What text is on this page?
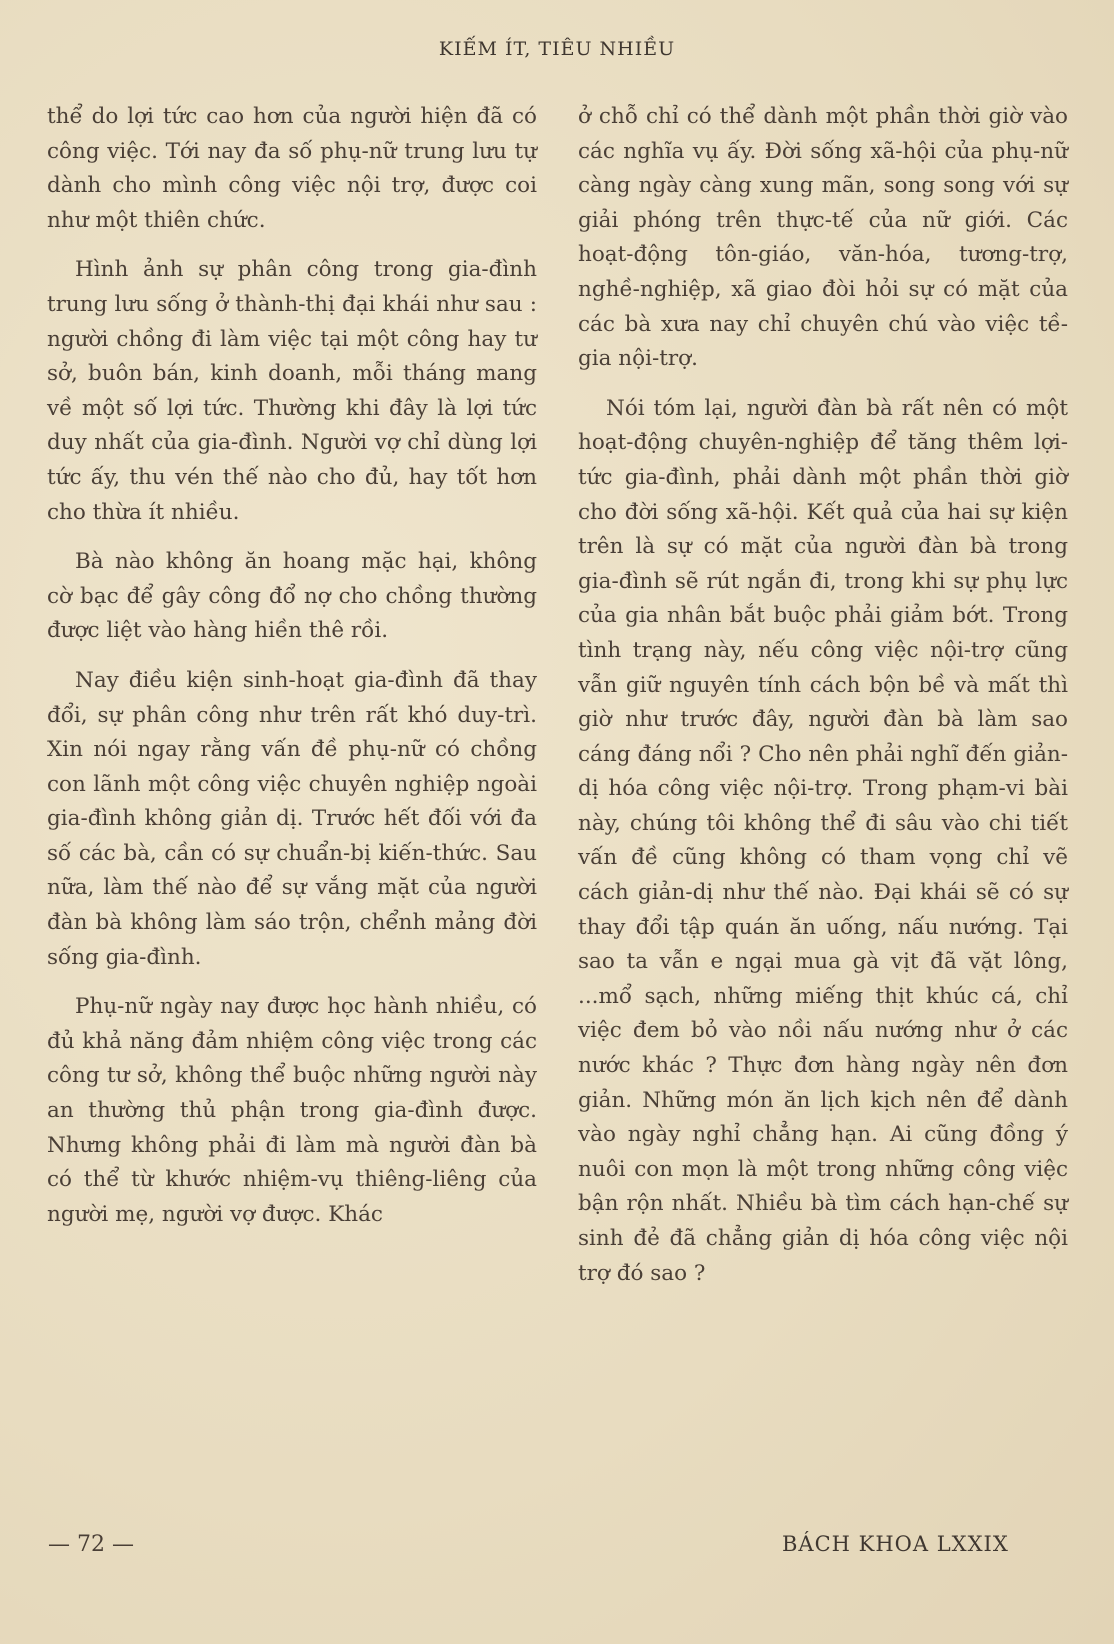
KIẾM ÍT, TIÊU NHIỀU

thể do lợi tức cao hơn của người hiện đã có công việc. Tới nay đa số phụ-nữ trung lưu tự dành cho mình công việc nội trợ, được coi như một thiên chức.

Hình ảnh sự phân công trong gia-đình trung lưu sống ở thành-thị đại khái như sau : người chồng đi làm việc tại một công hay tư sở, buôn bán, kinh doanh, mỗi tháng mang về một số lợi tức. Thường khi đây là lợi tức duy nhất của gia-đình. Người vợ chỉ dùng lợi tức ấy, thu vén thế nào cho đủ, hay tốt hơn cho thừa ít nhiều.

Bà nào không ăn hoang mặc hại, không cờ bạc để gây công đổ nợ cho chồng thường được liệt vào hàng hiền thê rồi.

Nay điều kiện sinh-hoạt gia-đình đã thay đổi, sự phân công như trên rất khó duy-trì. Xin nói ngay rằng vấn đề phụ-nữ có chồng con lãnh một công việc chuyên nghiệp ngoài gia-đình không giản dị. Trước hết đối với đa số các bà, cần có sự chuẩn-bị kiến-thức. Sau nữa, làm thế nào để sự vắng mặt của người đàn bà không làm sáo trộn, chểnh mảng đời sống gia-đình.

Phụ-nữ ngày nay được học hành nhiều, có đủ khả năng đảm nhiệm công việc trong các công tư sở, không thể buộc những người này an thường thủ phận trong gia-đình được. Nhưng không phải đi làm mà người đàn bà có thể từ khước nhiệm-vụ thiêng-liêng của người mẹ, người vợ được. Khác

ở chỗ chỉ có thể dành một phần thời giờ vào các nghĩa vụ ấy. Đời sống xã-hội của phụ-nữ càng ngày càng xung mãn, song song với sự giải phóng trên thực-tế của nữ giới. Các hoạt-động tôn-giáo, văn-hóa, tương-trợ, nghề-nghiệp, xã giao đòi hỏi sự có mặt của các bà xưa nay chỉ chuyên chú vào việc tề-gia nội-trợ.

Nói tóm lại, người đàn bà rất nên có một hoạt-động chuyên-nghiệp để tăng thêm lợi-tức gia-đình, phải dành một phần thời giờ cho đời sống xã-hội. Kết quả của hai sự kiện trên là sự có mặt của người đàn bà trong gia-đình sẽ rút ngắn đi, trong khi sự phụ lực của gia nhân bắt buộc phải giảm bớt. Trong tình trạng này, nếu công việc nội-trợ cũng vẫn giữ nguyên tính cách bộn bề và mất thì giờ như trước đây, người đàn bà làm sao cáng đáng nổi ? Cho nên phải nghĩ đến giản-dị hóa công việc nội-trợ. Trong phạm-vi bài này, chúng tôi không thể đi sâu vào chi tiết vấn đề cũng không có tham vọng chỉ vẽ cách giản-dị như thế nào. Đại khái sẽ có sự thay đổi tập quán ăn uống, nấu nướng. Tại sao ta vẫn e ngại mua gà vịt đã vặt lông, ...mổ sạch, những miếng thịt khúc cá, chỉ việc đem bỏ vào nồi nấu nướng như ở các nước khác ? Thực đơn hàng ngày nên đơn giản. Những món ăn lịch kịch nên để dành vào ngày nghỉ chẳng hạn. Ai cũng đồng ý nuôi con mọn là một trong những công việc bận rộn nhất. Nhiều bà tìm cách hạn-chế sự sinh đẻ đã chẳng giản dị hóa công việc nội trợ đó sao ?

— 72 —	BÁCH KHOA LXXIX
